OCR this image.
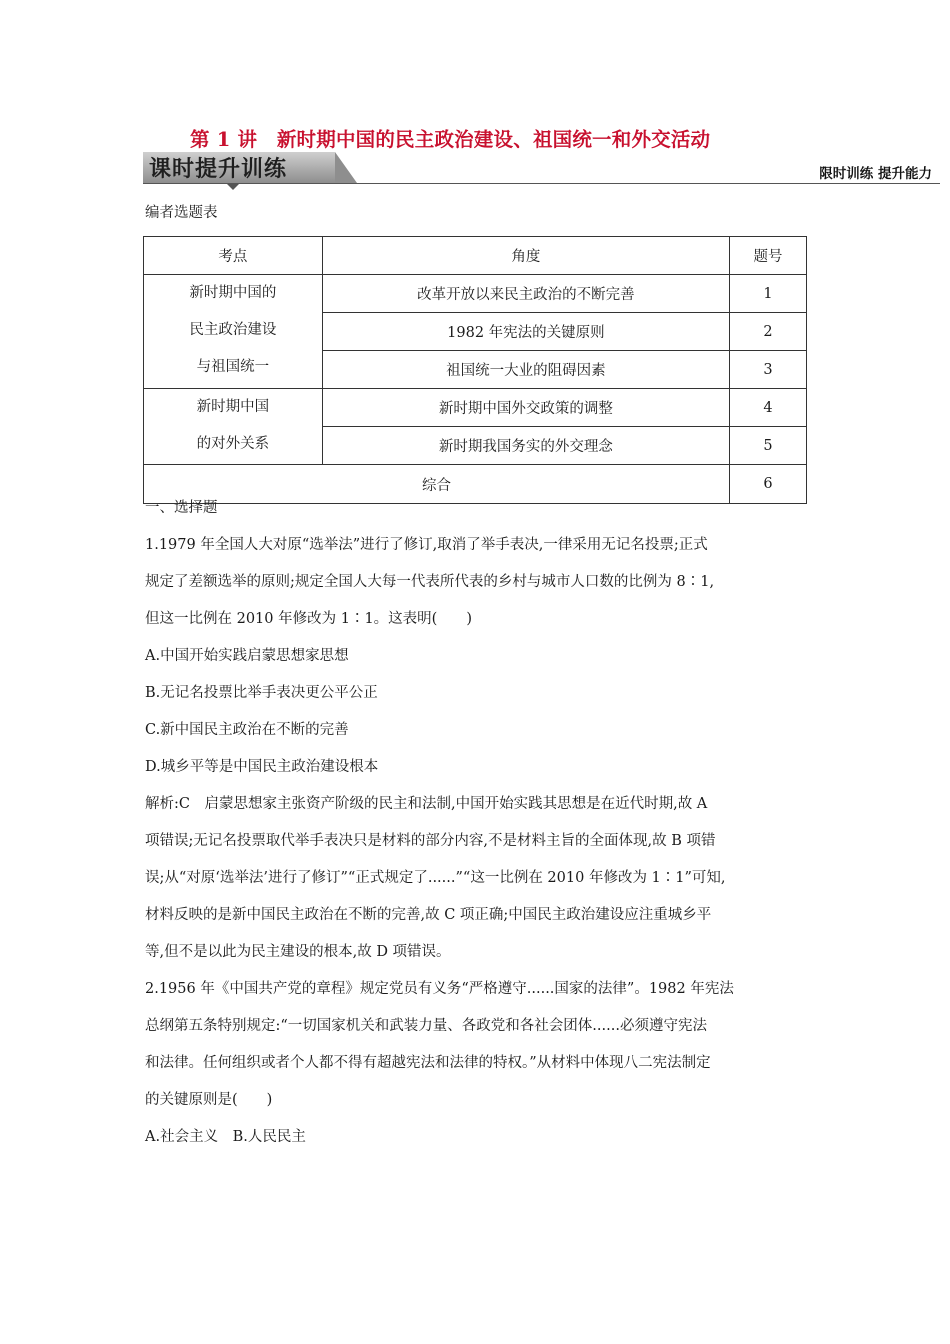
第 1 讲　新时期中国的民主政治建设、祖国统一和外交活动
课时提升训练	限时训练 提升能力
编者选题表
考点	角度	题号

新时期中国的
民主政治建设
与祖国统一	改革开放以来民主政治的不断完善	1
	1982 年宪法的关键原则	2
	祖国统一大业的阻碍因素	3

新时期中国
的对外关系	新时期中国外交政策的调整	4
	新时期我国务实的外交理念	5
综合		6

一、选择题

1.1979 年全国人大对原“选举法”进行了修订,取消了举手表决,一律采用无记名投票;正式

规定了差额选举的原则;规定全国人大每一代表所代表的乡村与城市人口数的比例为 8∶1,

但这一比例在 2010 年修改为 1∶1。这表明(　　)

A.中国开始实践启蒙思想家思想

B.无记名投票比举手表决更公平公正

C.新中国民主政治在不断的完善

D.城乡平等是中国民主政治建设根本

解析:C　启蒙思想家主张资产阶级的民主和法制,中国开始实践其思想是在近代时期,故 A

项错误;无记名投票取代举手表决只是材料的部分内容,不是材料主旨的全面体现,故 B 项错

误;从“对原‘选举法’进行了修订”“正式规定了......”“这一比例在 2010 年修改为 1∶1”可知,

材料反映的是新中国民主政治在不断的完善,故 C 项正确;中国民主政治建设应注重城乡平

等,但不是以此为民主建设的根本,故 D 项错误。

2.1956 年《中国共产党的章程》规定党员有义务“严格遵守......国家的法律”。1982 年宪法

总纲第五条特别规定:“一切国家机关和武装力量、各政党和各社会团体......必须遵守宪法

和法律。任何组织或者个人都不得有超越宪法和法律的特权。”从材料中体现八二宪法制定

的关键原则是(　　)

A.社会主义　B.人民民主
